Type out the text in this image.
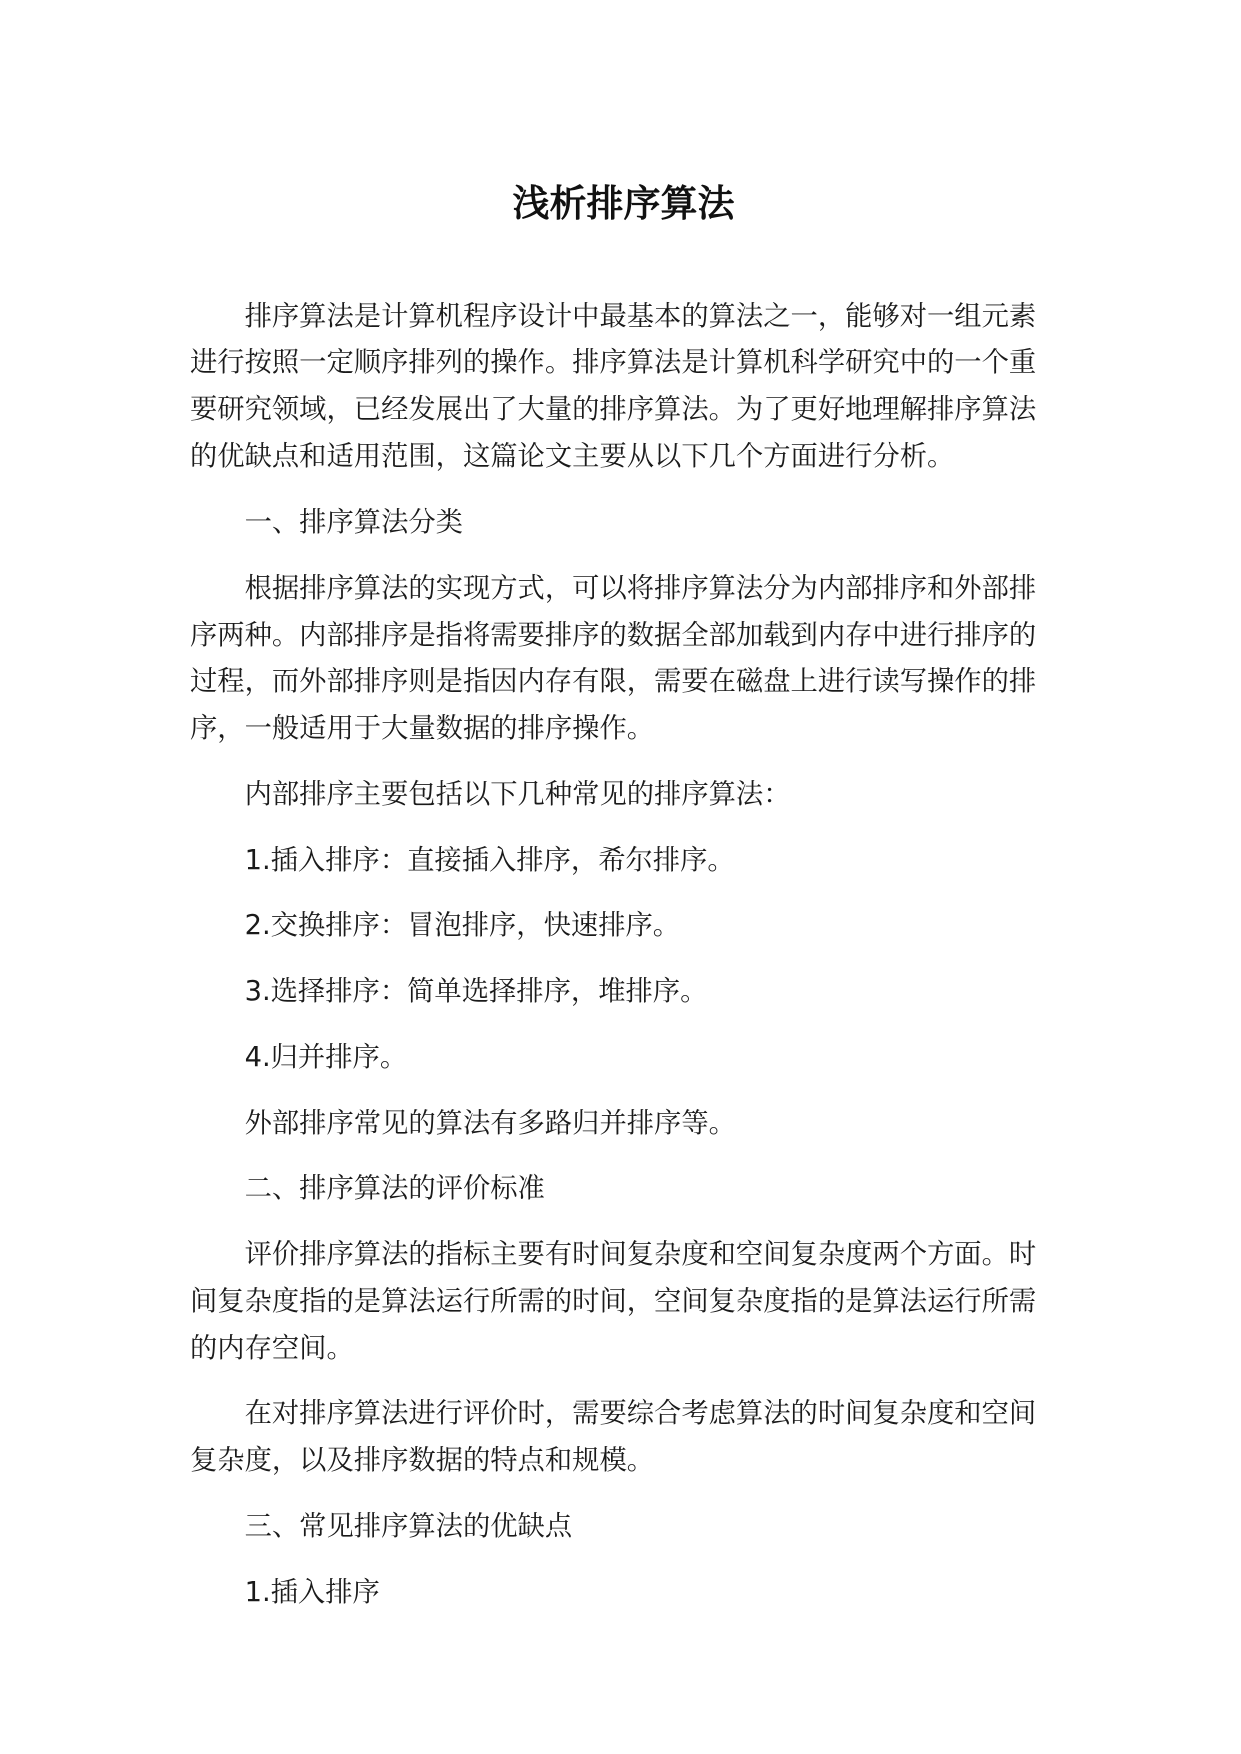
浅析排序算法
排序算法是计算机程序设计中最基本的算法之一，能够对一组元素
进行按照一定顺序排列的操作。排序算法是计算机科学研究中的一个重
要研究领域，已经发展出了大量的排序算法。为了更好地理解排序算法
的优缺点和适用范围，这篇论文主要从以下几个方面进行分析。
一、排序算法分类
根据排序算法的实现方式，可以将排序算法分为内部排序和外部排
序两种。内部排序是指将需要排序的数据全部加载到内存中进行排序的
过程，而外部排序则是指因内存有限，需要在磁盘上进行读写操作的排
序，一般适用于大量数据的排序操作。
内部排序主要包括以下几种常见的排序算法：
1.插入排序：直接插入排序，希尔排序。
2.交换排序：冒泡排序，快速排序。
3.选择排序：简单选择排序，堆排序。
4.归并排序。
外部排序常见的算法有多路归并排序等。
二、排序算法的评价标准
评价排序算法的指标主要有时间复杂度和空间复杂度两个方面。时
间复杂度指的是算法运行所需的时间，空间复杂度指的是算法运行所需
的内存空间。
在对排序算法进行评价时，需要综合考虑算法的时间复杂度和空间
复杂度，以及排序数据的特点和规模。
三、常见排序算法的优缺点
1.插入排序
